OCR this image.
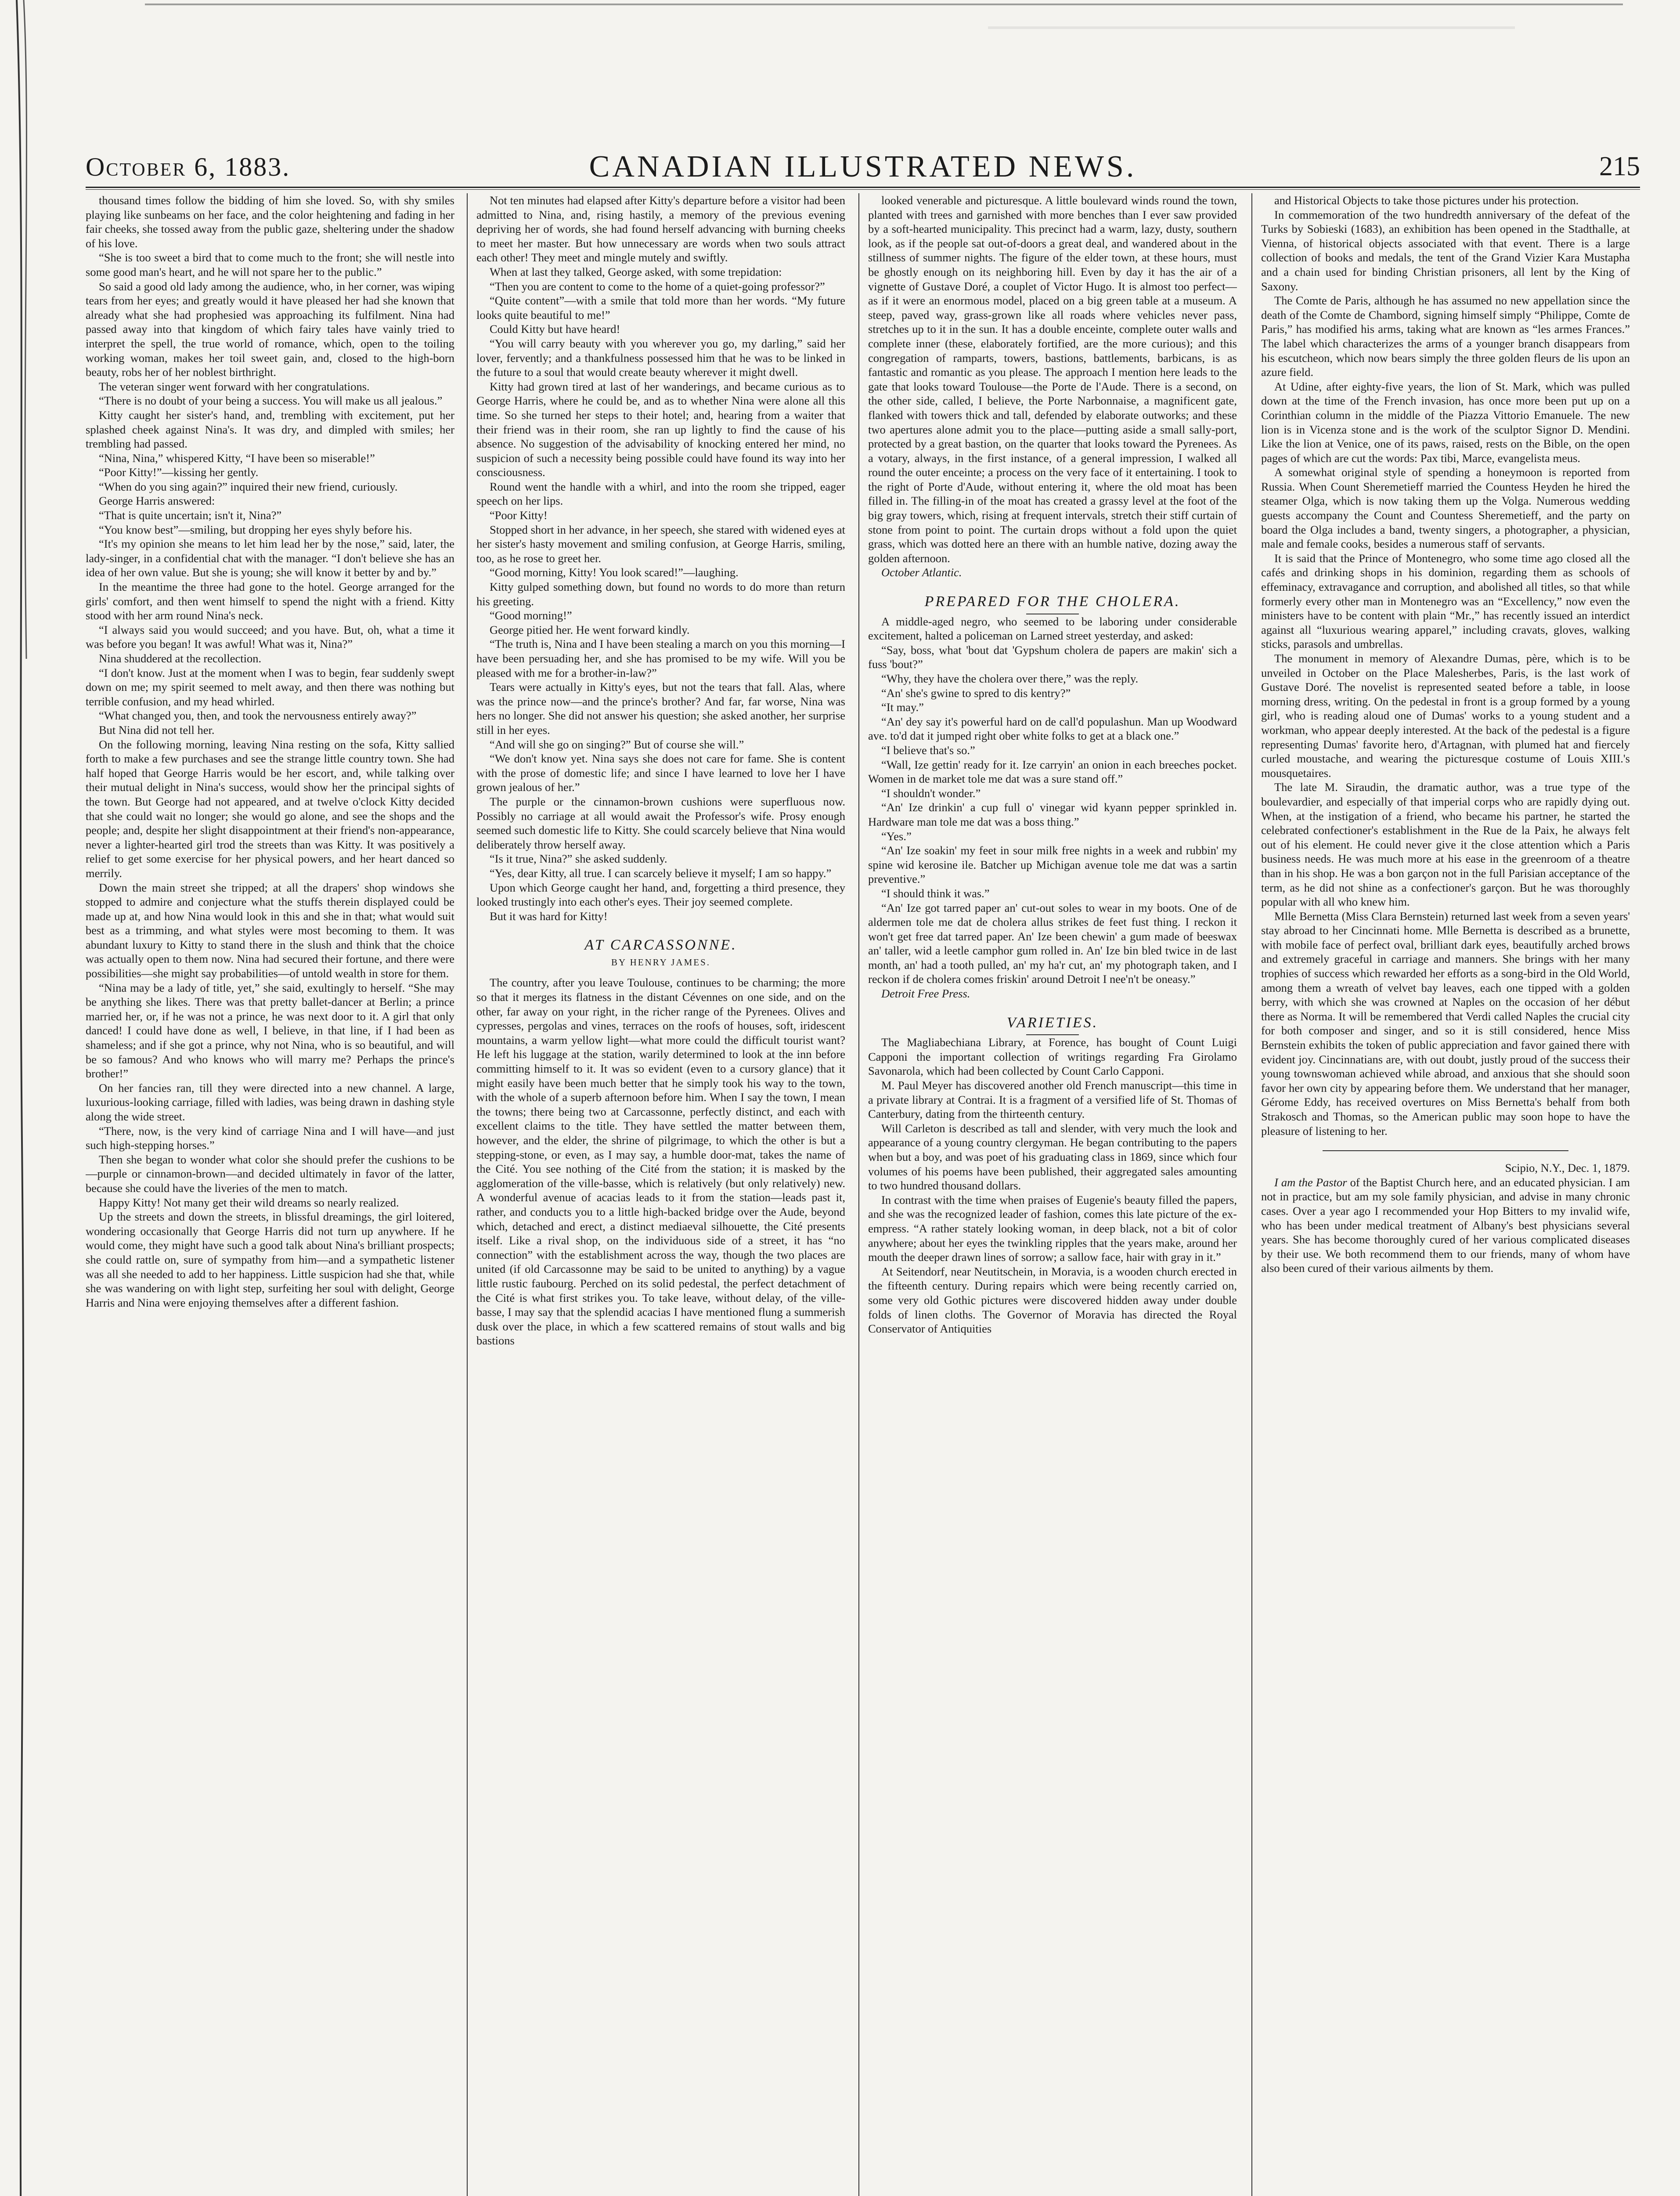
October 6, 1883.	CANADIAN ILLUSTRATED NEWS.	215

thousand times follow the bidding of him she loved. So, with shy smiles playing like sunbeams on her face, and the color heightening and fading in her fair cheeks, she tossed away from the public gaze, sheltering under the shadow of his love.

“She is too sweet a bird that to come much to the front; she will nestle into some good man's heart, and he will not spare her to the public.”

So said a good old lady among the audience, who, in her corner, was wiping tears from her eyes; and greatly would it have pleased her had she known that already what she had prophesied was approaching its fulfilment. Nina had passed away into that kingdom of which fairy tales have vainly tried to interpret the spell, the true world of romance, which, open to the toiling working woman, makes her toil sweet gain, and, closed to the high-born beauty, robs her of her noblest birthright.

The veteran singer went forward with her congratulations.

“There is no doubt of your being a success. You will make us all jealous.”

Kitty caught her sister's hand, and, trembling with excitement, put her splashed cheek against Nina's. It was dry, and dimpled with smiles; her trembling had passed.

“Nina, Nina,” whispered Kitty, “I have been so miserable!”

“Poor Kitty!”—kissing her gently.

“When do you sing again?” inquired their new friend, curiously.

George Harris answered:

“That is quite uncertain; isn't it, Nina?”

“You know best”—smiling, but dropping her eyes shyly before his.

“It's my opinion she means to let him lead her by the nose,” said, later, the lady-singer, in a confidential chat with the manager. “I don't believe she has an idea of her own value. But she is young; she will know it better by and by.”

In the meantime the three had gone to the hotel. George arranged for the girls' comfort, and then went himself to spend the night with a friend. Kitty stood with her arm round Nina's neck.

“I always said you would succeed; and you have. But, oh, what a time it was before you began! It was awful! What was it, Nina?”

Nina shuddered at the recollection.

“I don't know. Just at the moment when I was to begin, fear suddenly swept down on me; my spirit seemed to melt away, and then there was nothing but terrible confusion, and my head whirled.

“What changed you, then, and took the nervousness entirely away?”

But Nina did not tell her.

On the following morning, leaving Nina resting on the sofa, Kitty sallied forth to make a few purchases and see the strange little country town. She had half hoped that George Harris would be her escort, and, while talking over their mutual delight in Nina's success, would show her the principal sights of the town. But George had not appeared, and at twelve o'clock Kitty decided that she could wait no longer; she would go alone, and see the shops and the people; and, despite her slight disappointment at their friend's non-appearance, never a lighter-hearted girl trod the streets than was Kitty. It was positively a relief to get some exercise for her physical powers, and her heart danced so merrily.

Down the main street she tripped; at all the drapers' shop windows she stopped to admire and conjecture what the stuffs therein displayed could be made up at, and how Nina would look in this and she in that; what would suit best as a trimming, and what styles were most becoming to them. It was abundant luxury to Kitty to stand there in the slush and think that the choice was actually open to them now. Nina had secured their fortune, and there were possibilities—she might say probabilities—of untold wealth in store for them.

“Nina may be a lady of title, yet,” she said, exultingly to herself. “She may be anything she likes. There was that pretty ballet-dancer at Berlin; a prince married her, or, if he was not a prince, he was next door to it. A girl that only danced! I could have done as well, I believe, in that line, if I had been as shameless; and if she got a prince, why not Nina, who is so beautiful, and will be so famous? And who knows who will marry me? Perhaps the prince's brother!”

On her fancies ran, till they were directed into a new channel. A large, luxurious-looking carriage, filled with ladies, was being drawn in dashing style along the wide street.

“There, now, is the very kind of carriage Nina and I will have—and just such high-stepping horses.”

Then she began to wonder what color she should prefer the cushions to be—purple or cinnamon-brown—and decided ultimately in favor of the latter, because she could have the liveries of the men to match.

Happy Kitty! Not many get their wild dreams so nearly realized.

Up the streets and down the streets, in blissful dreamings, the girl loitered, wondering occasionally that George Harris did not turn up anywhere. If he would come, they might have such a good talk about Nina's brilliant prospects; she could rattle on, sure of sympathy from him—and a sympathetic listener was all she needed to add to her happiness. Little suspicion had she that, while she was wandering on with light step, surfeiting her soul with delight, George Harris and Nina were enjoying themselves after a different fashion.

Not ten minutes had elapsed after Kitty's departure before a visitor had been admitted to Nina, and, rising hastily, a memory of the previous evening depriving her of words, she had found herself advancing with burning cheeks to meet her master. But how unnecessary are words when two souls attract each other! They meet and mingle mutely and swiftly.

When at last they talked, George asked, with some trepidation:

“Then you are content to come to the home of a quiet-going professor?”

“Quite content”—with a smile that told more than her words. “My future looks quite beautiful to me!”

Could Kitty but have heard!

“You will carry beauty with you wherever you go, my darling,” said her lover, fervently; and a thankfulness possessed him that he was to be linked in the future to a soul that would create beauty wherever it might dwell.

Kitty had grown tired at last of her wanderings, and became curious as to George Harris, where he could be, and as to whether Nina were alone all this time. So she turned her steps to their hotel; and, hearing from a waiter that their friend was in their room, she ran up lightly to find the cause of his absence. No suggestion of the advisability of knocking entered her mind, no suspicion of such a necessity being possible could have found its way into her consciousness.

Round went the handle with a whirl, and into the room she tripped, eager speech on her lips.

“Poor Kitty!

Stopped short in her advance, in her speech, she stared with widened eyes at her sister's hasty movement and smiling confusion, at George Harris, smiling, too, as he rose to greet her.

“Good morning, Kitty! You look scared!”—laughing.

Kitty gulped something down, but found no words to do more than return his greeting.

“Good morning!”

George pitied her. He went forward kindly.

“The truth is, Nina and I have been stealing a march on you this morning—I have been persuading her, and she has promised to be my wife. Will you be pleased with me for a brother-in-law?”

Tears were actually in Kitty's eyes, but not the tears that fall. Alas, where was the prince now—and the prince's brother? And far, far worse, Nina was hers no longer. She did not answer his question; she asked another, her surprise still in her eyes.

“And will she go on singing?” But of course she will.”

“We don't know yet. Nina says she does not care for fame. She is content with the prose of domestic life; and since I have learned to love her I have grown jealous of her.”

The purple or the cinnamon-brown cushions were superfluous now. Possibly no carriage at all would await the Professor's wife. Prosy enough seemed such domestic life to Kitty. She could scarcely believe that Nina would deliberately throw herself away.

“Is it true, Nina?” she asked suddenly.

“Yes, dear Kitty, all true. I can scarcely believe it myself; I am so happy.”

Upon which George caught her hand, and, forgetting a third presence, they looked trustingly into each other's eyes. Their joy seemed complete.

But it was hard for Kitty!

AT CARCASSONNE.
BY HENRY JAMES.

The country, after you leave Toulouse, continues to be charming; the more so that it merges its flatness in the distant Cévennes on one side, and on the other, far away on your right, in the richer range of the Pyrenees. Olives and cypresses, pergolas and vines, terraces on the roofs of houses, soft, iridescent mountains, a warm yellow light—what more could the difficult tourist want? He left his luggage at the station, warily determined to look at the inn before committing himself to it. It was so evident (even to a cursory glance) that it might easily have been much better that he simply took his way to the town, with the whole of a superb afternoon before him. When I say the town, I mean the towns; there being two at Carcassonne, perfectly distinct, and each with excellent claims to the title. They have settled the matter between them, however, and the elder, the shrine of pilgrimage, to which the other is but a stepping-stone, or even, as I may say, a humble door-mat, takes the name of the Cité. You see nothing of the Cité from the station; it is masked by the agglomeration of the ville-basse, which is relatively (but only relatively) new. A wonderful avenue of acacias leads to it from the station—leads past it, rather, and conducts you to a little high-backed bridge over the Aude, beyond which, detached and erect, a distinct mediaeval silhouette, the Cité presents itself. Like a rival shop, on the individuous side of a street, it has “no connection” with the establishment across the way, though the two places are united (if old Carcassonne may be said to be united to anything) by a vague little rustic faubourg. Perched on its solid pedestal, the perfect detachment of the Cité is what first strikes you. To take leave, without delay, of the ville-basse, I may say that the splendid acacias I have mentioned flung a summerish dusk over the place, in which a few scattered remains of stout walls and big bastions

looked venerable and picturesque. A little boulevard winds round the town, planted with trees and garnished with more benches than I ever saw provided by a soft-hearted municipality. This precinct had a warm, lazy, dusty, southern look, as if the people sat out-of-doors a great deal, and wandered about in the stillness of summer nights. The figure of the elder town, at these hours, must be ghostly enough on its neighboring hill. Even by day it has the air of a vignette of Gustave Doré, a couplet of Victor Hugo. It is almost too perfect—as if it were an enormous model, placed on a big green table at a museum. A steep, paved way, grass-grown like all roads where vehicles never pass, stretches up to it in the sun. It has a double enceinte, complete outer walls and complete inner (these, elaborately fortified, are the more curious); and this congregation of ramparts, towers, bastions, battlements, barbicans, is as fantastic and romantic as you please. The approach I mention here leads to the gate that looks toward Toulouse—the Porte de l'Aude. There is a second, on the other side, called, I believe, the Porte Narbonnaise, a magnificent gate, flanked with towers thick and tall, defended by elaborate outworks; and these two apertures alone admit you to the place—putting aside a small sally-port, protected by a great bastion, on the quarter that looks toward the Pyrenees. As a votary, always, in the first instance, of a general impression, I walked all round the outer enceinte; a process on the very face of it entertaining. I took to the right of Porte d'Aude, without entering it, where the old moat has been filled in. The filling-in of the moat has created a grassy level at the foot of the big gray towers, which, rising at frequent intervals, stretch their stiff curtain of stone from point to point. The curtain drops without a fold upon the quiet grass, which was dotted here an there with an humble native, dozing away the golden afternoon.

October Atlantic.

PREPARED FOR THE CHOLERA.

A middle-aged negro, who seemed to be laboring under considerable excitement, halted a policeman on Larned street yesterday, and asked:

“Say, boss, what 'bout dat 'Gypshum cholera de papers are makin' sich a fuss 'bout?”

“Why, they have the cholera over there,” was the reply.

“An' she's gwine to spred to dis kentry?”

“It may.”

“An' dey say it's powerful hard on de call'd populashun. Man up Woodward ave. to'd dat it jumped right ober white folks to get at a black one.”

“I believe that's so.”

“Wall, Ize gettin' ready for it. Ize carryin' an onion in each breeches pocket. Women in de market tole me dat was a sure stand off.”

“I shouldn't wonder.”

“An' Ize drinkin' a cup full o' vinegar wid kyann pepper sprinkled in. Hardware man tole me dat was a boss thing.”

“Yes.”

“An' Ize soakin' my feet in sour milk free nights in a week and rubbin' my spine wid kerosine ile. Batcher up Michigan avenue tole me dat was a sartin preventive.”

“I should think it was.”

“An' Ize got tarred paper an' cut-out soles to wear in my boots. One of de aldermen tole me dat de cholera allus strikes de feet fust thing. I reckon it won't get free dat tarred paper. An' Ize been chewin' a gum made of beeswax an' taller, wid a leetle camphor gum rolled in. An' Ize bin bled twice in de last month, an' had a tooth pulled, an' my ha'r cut, an' my photograph taken, and I reckon if de cholera comes friskin' around Detroit I nee'n't be oneasy.”

Detroit Free Press.

VARIETIES.

The Magliabechiana Library, at Forence, has bought of Count Luigi Capponi the important collection of writings regarding Fra Girolamo Savonarola, which had been collected by Count Carlo Capponi.

M. Paul Meyer has discovered another old French manuscript—this time in a private library at Contrai. It is a fragment of a versified life of St. Thomas of Canterbury, dating from the thirteenth century.

Will Carleton is described as tall and slender, with very much the look and appearance of a young country clergyman. He began contributing to the papers when but a boy, and was poet of his graduating class in 1869, since which four volumes of his poems have been published, their aggregated sales amounting to two hundred thousand dollars.

In contrast with the time when praises of Eugenie's beauty filled the papers, and she was the recognized leader of fashion, comes this late picture of the ex-empress. “A rather stately looking woman, in deep black, not a bit of color anywhere; about her eyes the twinkling ripples that the years make, around her mouth the deeper drawn lines of sorrow; a sallow face, hair with gray in it.”

At Seitendorf, near Neutitschein, in Moravia, is a wooden church erected in the fifteenth century. During repairs which were being recently carried on, some very old Gothic pictures were discovered hidden away under double folds of linen cloths. The Governor of Moravia has directed the Royal Conservator of Antiquities

and Historical Objects to take those pictures under his protection.

In commemoration of the two hundredth anniversary of the defeat of the Turks by Sobieski (1683), an exhibition has been opened in the Stadthalle, at Vienna, of historical objects associated with that event. There is a large collection of books and medals, the tent of the Grand Vizier Kara Mustapha and a chain used for binding Christian prisoners, all lent by the King of Saxony.

The Comte de Paris, although he has assumed no new appellation since the death of the Comte de Chambord, signing himself simply “Philippe, Comte de Paris,” has modified his arms, taking what are known as “les armes Frances.” The label which characterizes the arms of a younger branch disappears from his escutcheon, which now bears simply the three golden fleurs de lis upon an azure field.

At Udine, after eighty-five years, the lion of St. Mark, which was pulled down at the time of the French invasion, has once more been put up on a Corinthian column in the middle of the Piazza Vittorio Emanuele. The new lion is in Vicenza stone and is the work of the sculptor Signor D. Mendini. Like the lion at Venice, one of its paws, raised, rests on the Bible, on the open pages of which are cut the words: Pax tibi, Marce, evangelista meus.

A somewhat original style of spending a honeymoon is reported from Russia. When Count Sheremetieff married the Countess Heyden he hired the steamer Olga, which is now taking them up the Volga. Numerous wedding guests accompany the Count and Countess Sheremetieff, and the party on board the Olga includes a band, twenty singers, a photographer, a physician, male and female cooks, besides a numerous staff of servants.

It is said that the Prince of Montenegro, who some time ago closed all the cafés and drinking shops in his dominion, regarding them as schools of effeminacy, extravagance and corruption, and abolished all titles, so that while formerly every other man in Montenegro was an “Excellency,” now even the ministers have to be content with plain “Mr.,” has recently issued an interdict against all “luxurious wearing apparel,” including cravats, gloves, walking sticks, parasols and umbrellas.

The monument in memory of Alexandre Dumas, père, which is to be unveiled in October on the Place Malesherbes, Paris, is the last work of Gustave Doré. The novelist is represented seated before a table, in loose morning dress, writing. On the pedestal in front is a group formed by a young girl, who is reading aloud one of Dumas' works to a young student and a workman, who appear deeply interested. At the back of the pedestal is a figure representing Dumas' favorite hero, d'Artagnan, with plumed hat and fiercely curled moustache, and wearing the picturesque costume of Louis XIII.'s mousquetaires.

The late M. Siraudin, the dramatic author, was a true type of the boulevardier, and especially of that imperial corps who are rapidly dying out. When, at the instigation of a friend, who became his partner, he started the celebrated confectioner's establishment in the Rue de la Paix, he always felt out of his element. He could never give it the close attention which a Paris business needs. He was much more at his ease in the greenroom of a theatre than in his shop. He was a bon garçon not in the full Parisian acceptance of the term, as he did not shine as a confectioner's garçon. But he was thoroughly popular with all who knew him.

Mlle Bernetta (Miss Clara Bernstein) returned last week from a seven years' stay abroad to her Cincinnati home. Mlle Bernetta is described as a brunette, with mobile face of perfect oval, brilliant dark eyes, beautifully arched brows and extremely graceful in carriage and manners. She brings with her many trophies of success which rewarded her efforts as a song-bird in the Old World, among them a wreath of velvet bay leaves, each one tipped with a golden berry, with which she was crowned at Naples on the occasion of her début there as Norma. It will be remembered that Verdi called Naples the crucial city for both composer and singer, and so it is still considered, hence Miss Bernstein exhibits the token of public appreciation and favor gained there with evident joy. Cincinnatians are, with out doubt, justly proud of the success their young townswoman achieved while abroad, and anxious that she should soon favor her own city by appearing before them. We understand that her manager, Gérome Eddy, has received overtures on Miss Bernetta's behalf from both Strakosch and Thomas, so the American public may soon hope to have the pleasure of listening to her.

Scipio, N.Y., Dec. 1, 1879.

I am the Pastor of the Baptist Church here, and an educated physician. I am not in practice, but am my sole family physician, and advise in many chronic cases. Over a year ago I recommended your Hop Bitters to my invalid wife, who has been under medical treatment of Albany's best physicians several years. She has become thoroughly cured of her various complicated diseases by their use. We both recommend them to our friends, many of whom have also been cured of their various ailments by them.
